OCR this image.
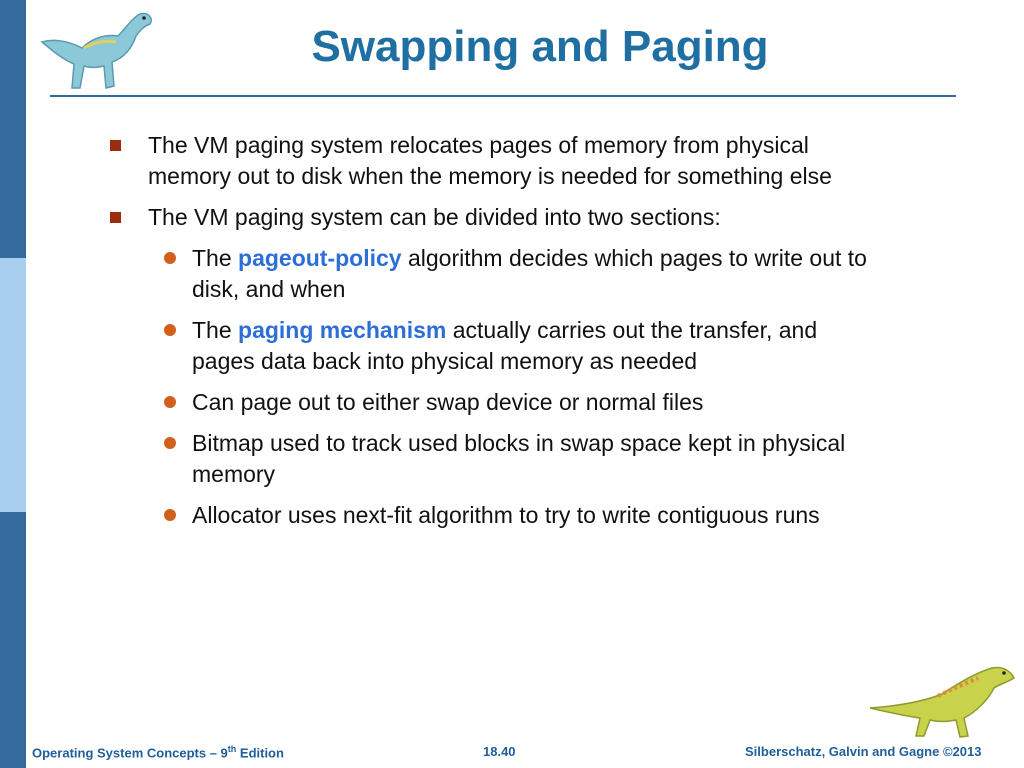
Swapping and Paging
The VM paging system relocates pages of memory from physical memory out to disk when the memory is needed for something else
The VM paging system can be divided into two sections:
The pageout-policy algorithm decides which pages to write out to disk, and when
The paging mechanism actually carries out the transfer, and pages data back into physical memory as needed
Can page out to either swap device or normal files
Bitmap used to track used blocks in swap space kept in physical memory
Allocator uses next-fit algorithm to try to write contiguous runs
Operating System Concepts – 9th Edition	18.40	Silberschatz, Galvin and Gagne ©2013
